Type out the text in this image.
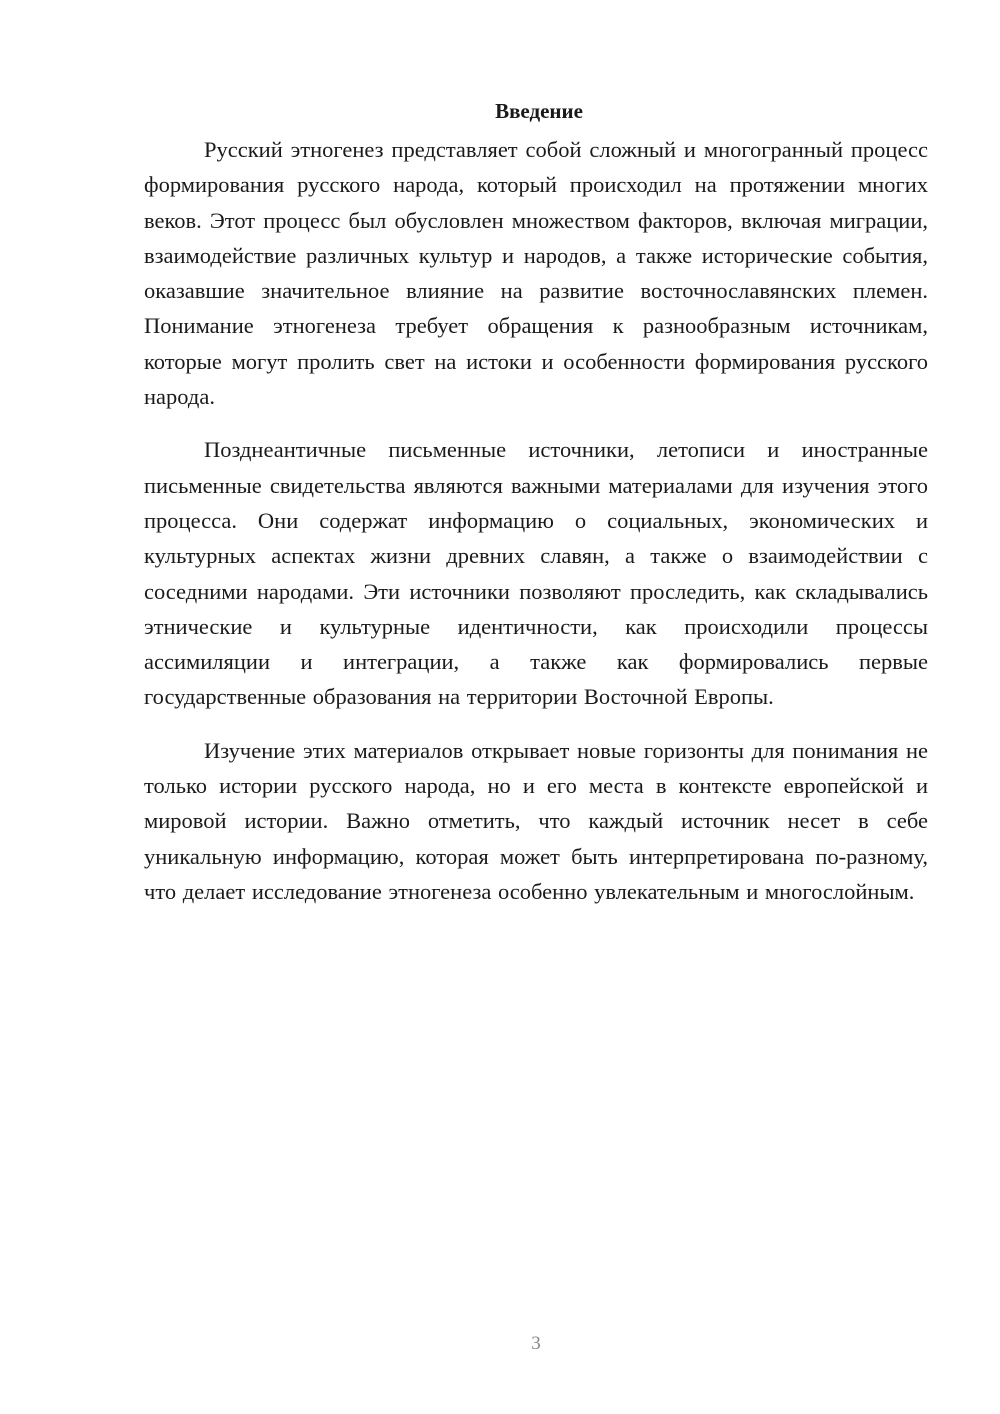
Введение

Русский этногенез представляет собой сложный и многогранный процесс формирования русского народа, который происходил на протяжении многих веков. Этот процесс был обусловлен множеством факторов, включая миграции, взаимодействие различных культур и народов, а также исторические события, оказавшие значительное влияние на развитие восточнославянских племен. Понимание этногенеза требует обращения к разнообразным источникам, которые могут пролить свет на истоки и особенности формирования русского народа.

Позднеантичные письменные источники, летописи и иностранные письменные свидетельства являются важными материалами для изучения этого процесса. Они содержат информацию о социальных, экономических и культурных аспектах жизни древних славян, а также о взаимодействии с соседними народами. Эти источники позволяют проследить, как складывались этнические и культурные идентичности, как происходили процессы ассимиляции и интеграции, а также как формировались первые государственные образования на территории Восточной Европы.

Изучение этих материалов открывает новые горизонты для понимания не только истории русского народа, но и его места в контексте европейской и мировой истории. Важно отметить, что каждый источник несет в себе уникальную информацию, которая может быть интерпретирована по-разному, что делает исследование этногенеза особенно увлекательным и многослойным.

3
